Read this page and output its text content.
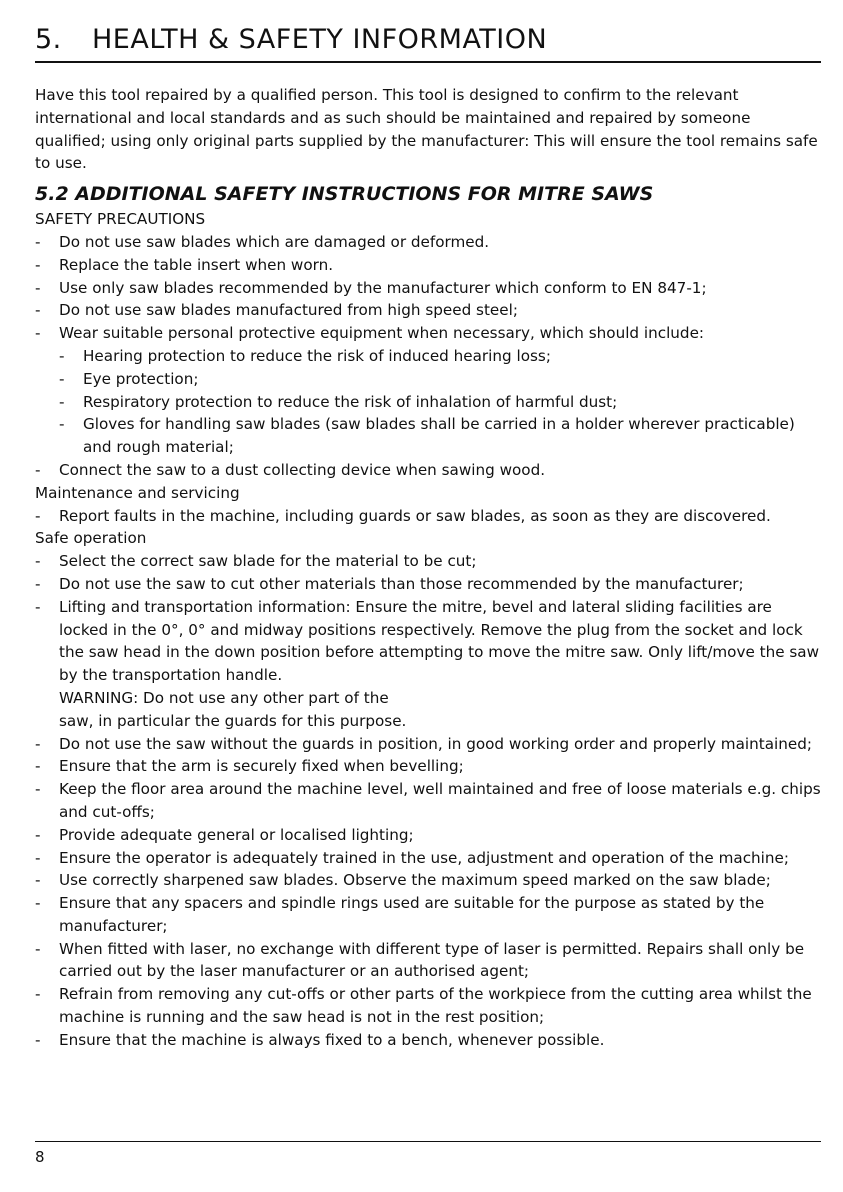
5. HEALTH & SAFETY INFORMATION

Have this tool repaired by a qualified person. This tool is designed to confirm to the relevant international and local standards and as such should be maintained and repaired by someone qualified; using only original parts supplied by the manufacturer: This will ensure the tool remains safe to use.

5.2 ADDITIONAL SAFETY INSTRUCTIONS FOR MITRE SAWS
SAFETY PRECAUTIONS
- Do not use saw blades which are damaged or deformed.
- Replace the table insert when worn.
- Use only saw blades recommended by the manufacturer which conform to EN 847-1;
- Do not use saw blades manufactured from high speed steel;
- Wear suitable personal protective equipment when necessary, which should include:
- Hearing protection to reduce the risk of induced hearing loss;
- Eye protection;
- Respiratory protection to reduce the risk of inhalation of harmful dust;
- Gloves for handling saw blades (saw blades shall be carried in a holder wherever practicable) and rough material;
- Connect the saw to a dust collecting device when sawing wood.
Maintenance and servicing
- Report faults in the machine, including guards or saw blades, as soon as they are discovered.
Safe operation
- Select the correct saw blade for the material to be cut;
- Do not use the saw to cut other materials than those recommended by the manufacturer;
- Lifting and transportation information: Ensure the mitre, bevel and lateral sliding facilities are locked in the 0°, 0° and midway positions respectively. Remove the plug from the socket and lock the saw head in the down position before attempting to move the mitre saw. Only lift/move the saw by the transportation handle.
WARNING: Do not use any other part of the
saw, in particular the guards for this purpose.
- Do not use the saw without the guards in position, in good working order and properly maintained;
- Ensure that the arm is securely fixed when bevelling;
- Keep the floor area around the machine level, well maintained and free of loose materials e.g. chips and cut-offs;
- Provide adequate general or localised lighting;
- Ensure the operator is adequately trained in the use, adjustment and operation of the machine;
- Use correctly sharpened saw blades. Observe the maximum speed marked on the saw blade;
- Ensure that any spacers and spindle rings used are suitable for the purpose as stated by the manufacturer;
- When fitted with laser, no exchange with different type of laser is permitted. Repairs shall only be carried out by the laser manufacturer or an authorised agent;
- Refrain from removing any cut-offs or other parts of the workpiece from the cutting area whilst the machine is running and the saw head is not in the rest position;
- Ensure that the machine is always fixed to a bench, whenever possible.
8
